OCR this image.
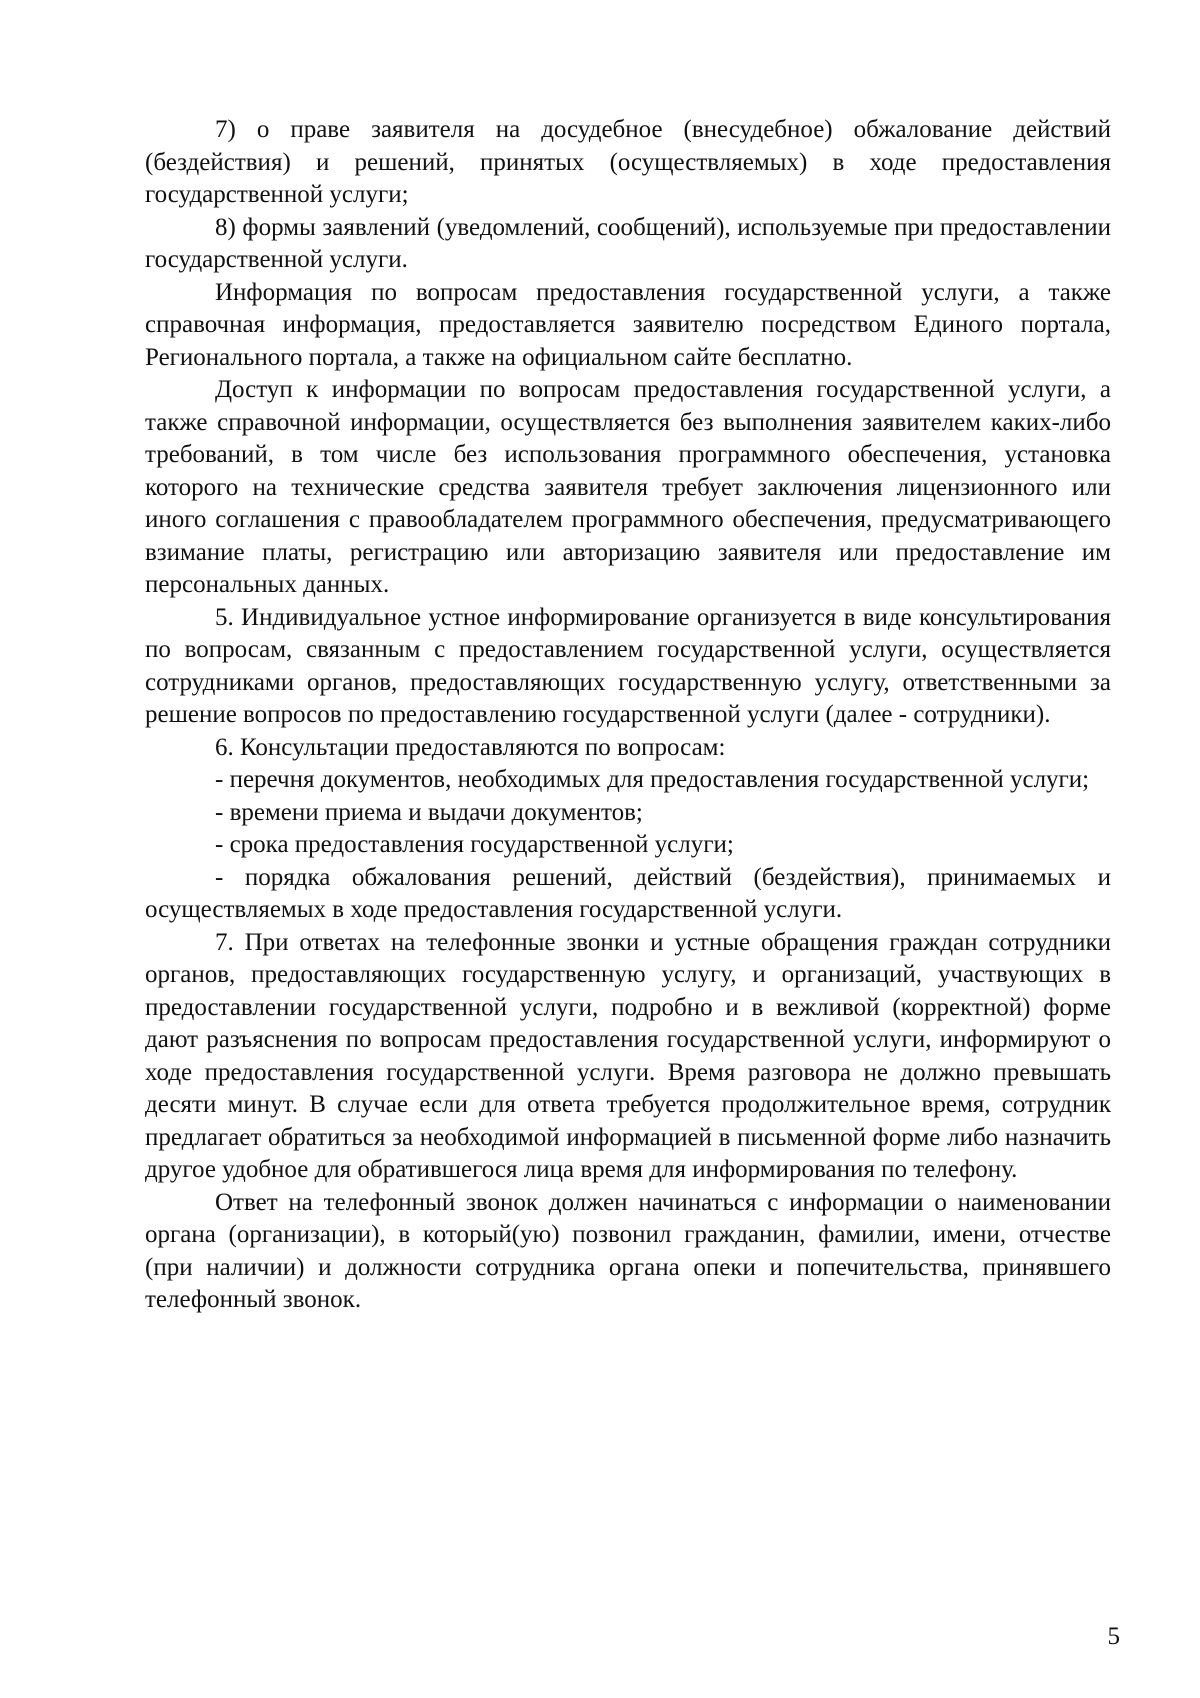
7) о праве заявителя на досудебное (внесудебное) обжалование действий (бездействия) и решений, принятых (осуществляемых) в ходе предоставления государственной услуги;

8) формы заявлений (уведомлений, сообщений), используемые при предоставлении государственной услуги.

Информация по вопросам предоставления государственной услуги, а также справочная информация, предоставляется заявителю посредством Единого портала, Регионального портала, а также на официальном сайте бесплатно.

Доступ к информации по вопросам предоставления государственной услуги, а также справочной информации, осуществляется без выполнения заявителем каких-либо требований, в том числе без использования программного обеспечения, установка которого на технические средства заявителя требует заключения лицензионного или иного соглашения с правообладателем программного обеспечения, предусматривающего взимание платы, регистрацию или авторизацию заявителя или предоставление им персональных данных.

5. Индивидуальное устное информирование организуется в виде консультирования по вопросам, связанным с предоставлением государственной услуги, осуществляется сотрудниками органов, предоставляющих государственную услугу, ответственными за решение вопросов по предоставлению государственной услуги (далее - сотрудники).

6. Консультации предоставляются по вопросам:

- перечня документов, необходимых для предоставления государственной услуги;

- времени приема и выдачи документов;

- срока предоставления государственной услуги;

- порядка обжалования решений, действий (бездействия), принимаемых и осуществляемых в ходе предоставления государственной услуги.

7. При ответах на телефонные звонки и устные обращения граждан сотрудники органов, предоставляющих государственную услугу, и организаций, участвующих в предоставлении государственной услуги, подробно и в вежливой (корректной) форме дают разъяснения по вопросам предоставления государственной услуги, информируют о ходе предоставления государственной услуги. Время разговора не должно превышать десяти минут. В случае если для ответа требуется продолжительное время, сотрудник предлагает обратиться за необходимой информацией в письменной форме либо назначить другое удобное для обратившегося лица время для информирования по телефону.

Ответ на телефонный звонок должен начинаться с информации о наименовании органа (организации), в который(ую) позвонил гражданин, фамилии, имени, отчестве (при наличии) и должности сотрудника органа опеки и попечительства, принявшего телефонный звонок.

5
